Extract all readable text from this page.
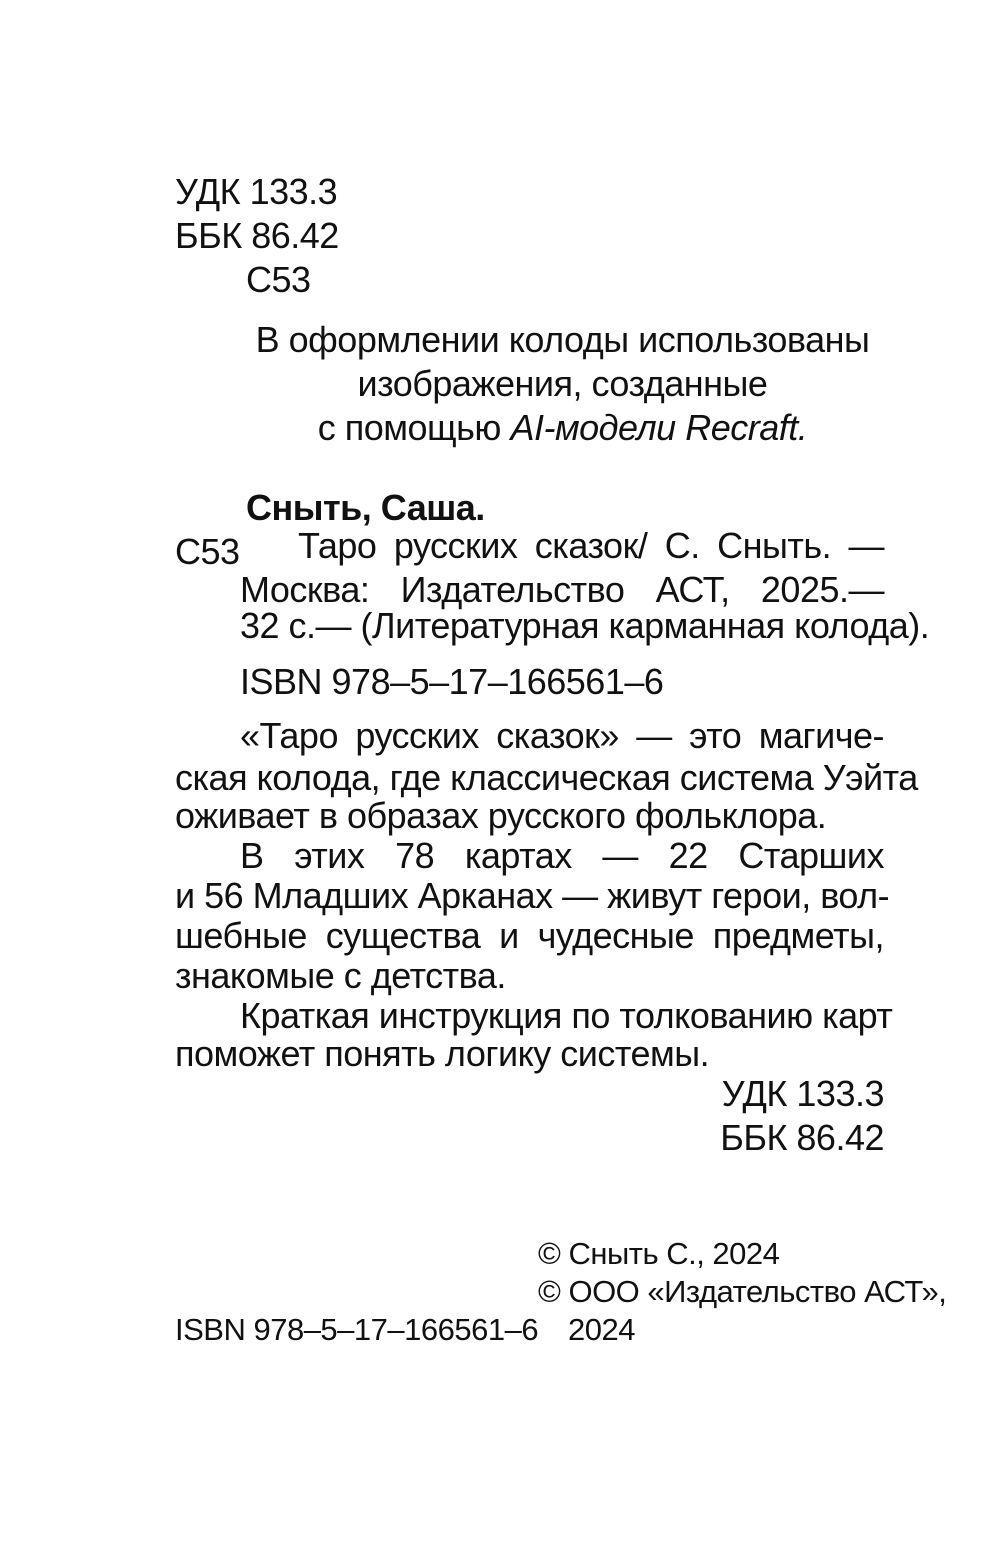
УДК 133.3
ББК 86.42
С53
В оформлении колоды использованы
изображения, созданные
с помощью AI-модели Recraft.
Сныть, Саша.
С53 Таро русских сказок/ С. Сныть. —
Москва: Издательство АСТ, 2025.—
32 с.— (Литературная карманная колода).
ISBN 978–5–17–166561–6
«Таро русских сказок» — это магиче-
ская колода, где классическая система Уэйта
оживает в образах русского фольклора.
В этих 78 картах — 22 Старших
и 56 Младших Арканах — живут герои, вол-
шебные существа и чудесные предметы,
знакомые с детства.
Краткая инструкция по толкованию карт
поможет понять логику системы.
УДК 133.3
ББК 86.42
© Сныть С., 2024
© ООО «Издательство АСТ»,
2024
ISBN 978–5–17–166561–6
